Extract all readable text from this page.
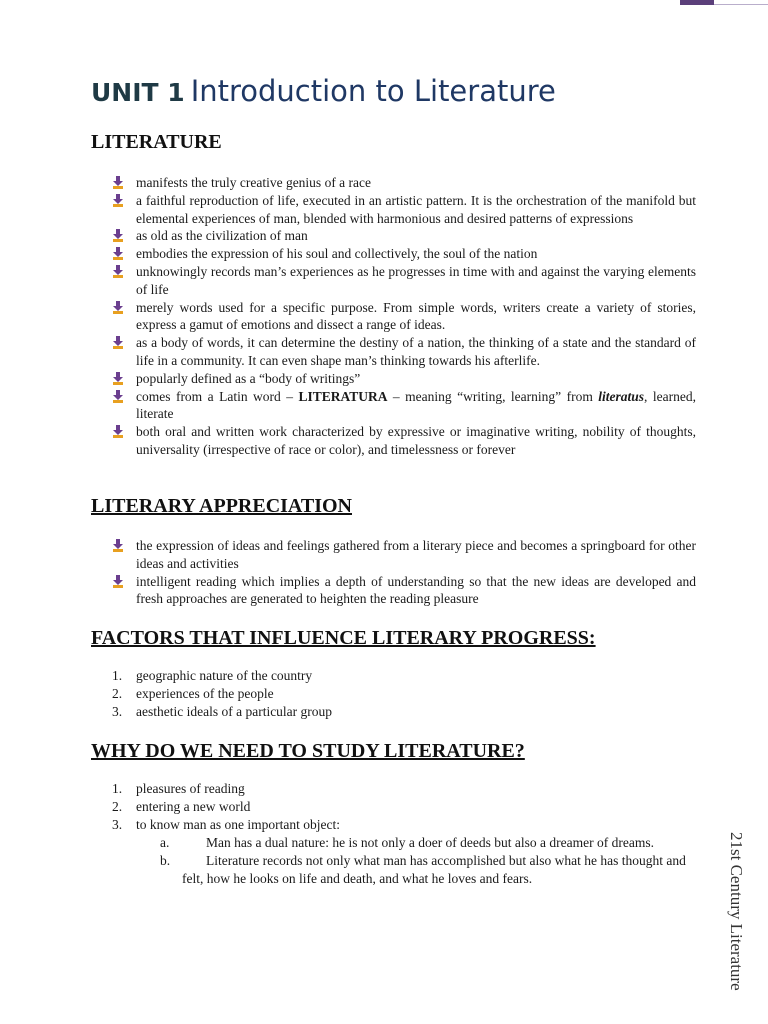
UNIT 1 Introduction to Literature
LITERATURE
manifests the truly creative genius of a race
a faithful reproduction of life, executed in an artistic pattern. It is the orchestration of the manifold but elemental experiences of man, blended with harmonious and desired patterns of expressions
as old as the civilization of man
embodies the expression of his soul and collectively, the soul of the nation
unknowingly records man’s experiences as he progresses in time with and against the varying elements of life
merely words used for a specific purpose. From simple words, writers create a variety of stories, express a gamut of emotions and dissect a range of ideas.
as a body of words, it can determine the destiny of a nation, the thinking of a state and the standard of life in a community. It can even shape man’s thinking towards his afterlife.
popularly defined as a “body of writings”
comes from a Latin word – LITERATURA – meaning “writing, learning” from literatus, learned, literate
both oral and written work characterized by expressive or imaginative writing, nobility of thoughts, universality (irrespective of race or color), and timelessness or forever
LITERARY APPRECIATION
the expression of ideas and feelings gathered from a literary piece and becomes a springboard for other ideas and activities
intelligent reading which implies a depth of understanding so that the new ideas are developed and fresh approaches are generated to heighten the reading pleasure
FACTORS THAT INFLUENCE LITERARY PROGRESS:
1. geographic nature of the country
2. experiences of the people
3. aesthetic ideals of a particular group
WHY DO WE NEED TO STUDY LITERATURE?
1. pleasures of reading
2. entering a new world
3. to know man as one important object:
a.	Man has a dual nature: he is not only a doer of deeds but also a dreamer of dreams.
b.	Literature records not only what man has accomplished but also what he has thought and felt, how he looks on life and death, and what he loves and fears.	21st Century Literature
